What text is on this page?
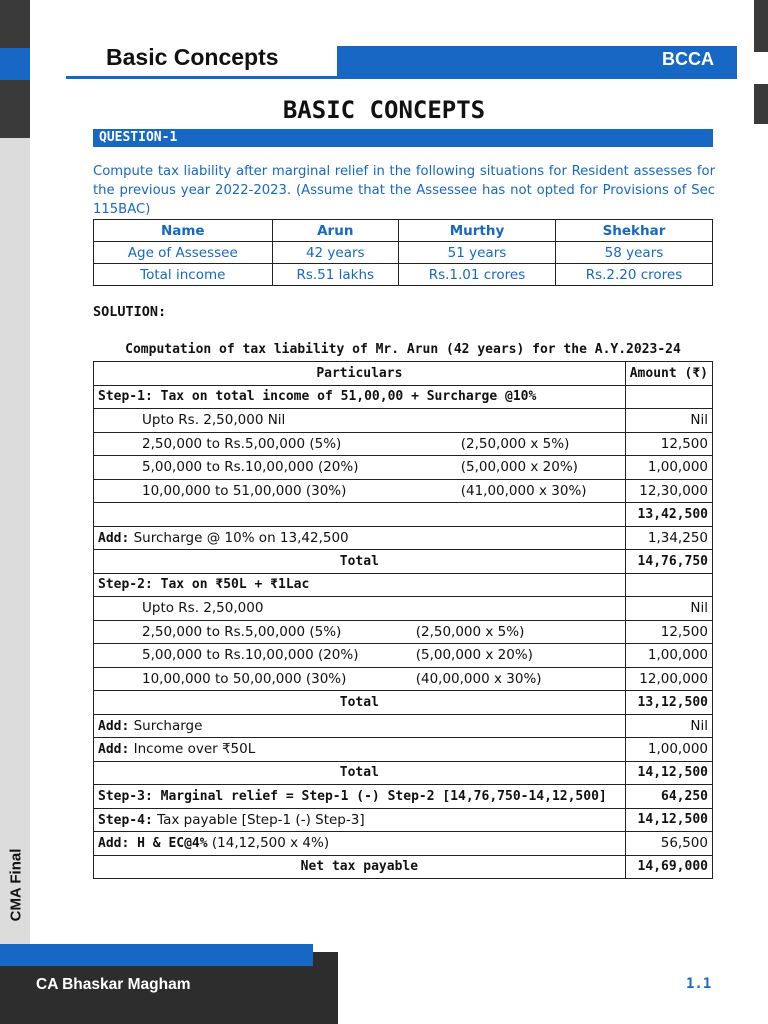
CMA Final
Basic Concepts	BCCA
BASIC CONCEPTS
QUESTION-1
Compute tax liability after marginal relief in the following situations for Resident assesses for the previous year 2022-2023. (Assume that the Assessee has not opted for Provisions of Sec 115BAC)
Name	Arun	Murthy	Shekhar
Age of Assessee	42 years	51 years	58 years
Total income	Rs.51 lakhs	Rs.1.01 crores	Rs.2.20 crores
SOLUTION:
Computation of tax liability of Mr. Arun (42 years) for the A.Y.2023-24
Particulars	Amount (₹)
Step-1: Tax on total income of 51,00,00 + Surcharge @10%	
Upto Rs. 2,50,000 Nil	Nil
2,50,000 to Rs.5,00,000 (5%) (2,50,000 x 5%)	12,500
5,00,000 to Rs.10,00,000 (20%) (5,00,000 x 20%)	1,00,000
10,00,000 to 51,00,000 (30%) (41,00,000 x 30%)	12,30,000
	13,42,500
Add: Surcharge @ 10% on 13,42,500	1,34,250
Total	14,76,750
Step-2: Tax on ₹50L + ₹1Lac	
Upto Rs. 2,50,000	Nil
2,50,000 to Rs.5,00,000 (5%) (2,50,000 x 5%)	12,500
5,00,000 to Rs.10,00,000 (20%) (5,00,000 x 20%)	1,00,000
10,00,000 to 50,00,000 (30%) (40,00,000 x 30%)	12,00,000
Total	13,12,500
Add: Surcharge	Nil
Add: Income over ₹50L	1,00,000
Total	14,12,500
Step-3: Marginal relief = Step-1 (-) Step-2 [14,76,750-14,12,500]	64,250
Step-4: Tax payable [Step-1 (-) Step-3]	14,12,500
Add: H & EC@4% (14,12,500 x 4%)	56,500
Net tax payable	14,69,000
CA Bhaskar Magham	1.1
